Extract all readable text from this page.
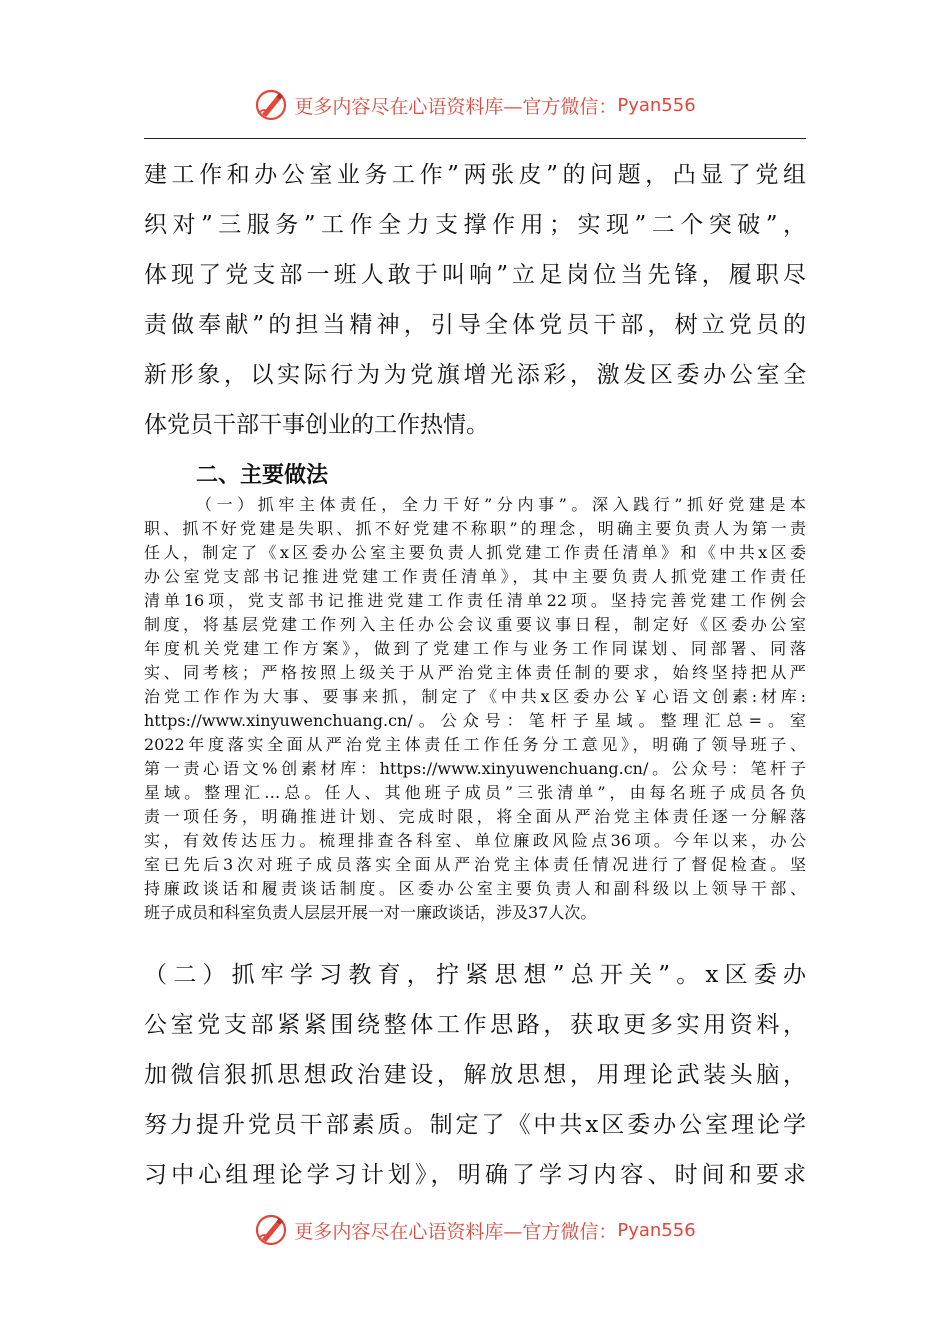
更多内容尽在心语资料库—官方微信： Pyan556
建工作和办公室业务工作”两张皮”的问题，凸显了党组
织对”三服务”工作全力支撑作用；实现”二个突破”，
体现了党支部一班人敢于叫响”立足岗位当先锋，履职尽
责做奉献”的担当精神，引导全体党员干部，树立党员的
新形象，以实际行为为党旗增光添彩，激发区委办公室全
体党员干部干事创业的工作热情。
二、主要做法
（一）抓牢主体责任，全力干好”分内事”。深入践行”抓好党建是本
职、抓不好党建是失职、抓不好党建不称职”的理念，明确主要负责人为第一责
任人，制定了《x区委办公室主要负责人抓党建工作责任清单》和《中共x区委
办公室党支部书记推进党建工作责任清单》，其中主要负责人抓党建工作责任
清单16项，党支部书记推进党建工作责任清单22项。坚持完善党建工作例会
制度，将基层党建工作列入主任办公会议重要议事日程，制定好《区委办公室
年度机关党建工作方案》，做到了党建工作与业务工作同谋划、同部署、同落
实、同考核；严格按照上级关于从严治党主体责任制的要求，始终坚持把从严
治党工作作为大事、要事来抓，制定了《中共x区委办公￥心语文创素:材库:
https://www.xinyuwenchuang.cn/。公众号：笔杆子星域。整理汇总=。室
2022年度落实全面从严治党主体责任工作任务分工意见》，明确了领导班子、
第一责心语文%创素材库：https://www.xinyuwenchuang.cn/。公众号：笔杆子
星域。整理汇…总。任人、其他班子成员”三张清单”，由每名班子成员各负
责一项任务，明确推进计划、完成时限，将全面从严治党主体责任逐一分解落
实，有效传达压力。梳理排查各科室、单位廉政风险点36项。今年以来，办公
室已先后3次对班子成员落实全面从严治党主体责任情况进行了督促检查。坚
持廉政谈话和履责谈话制度。区委办公室主要负责人和副科级以上领导干部、
班子成员和科室负责人层层开展一对一廉政谈话，涉及37人次。
（二）抓牢学习教育，拧紧思想”总开关”。x区委办
公室党支部紧紧围绕整体工作思路，获取更多实用资料，
加微信狠抓思想政治建设，解放思想，用理论武装头脑，
努力提升党员干部素质。制定了《中共x区委办公室理论学
习中心组理论学习计划》，明确了学习内容、时间和要求
更多内容尽在心语资料库—官方微信： Pyan556
